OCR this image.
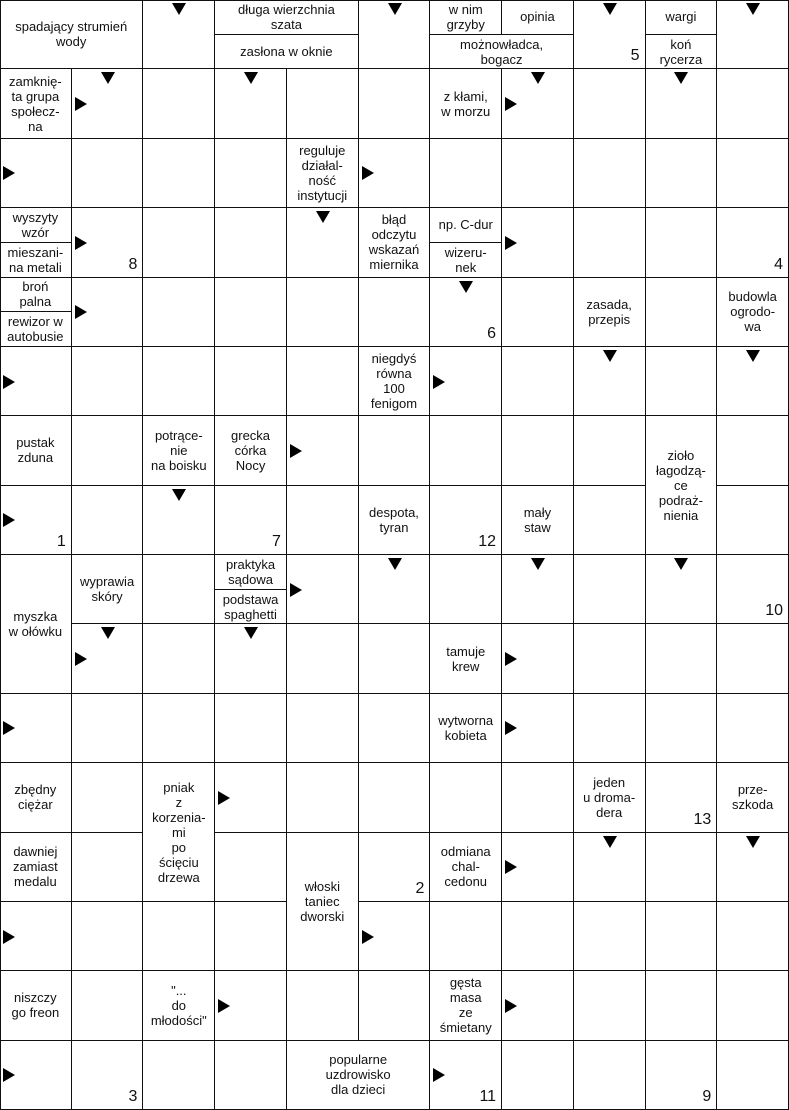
spadający strumień
wody
długa wierzchnia
szata
zasłona w oknie
w nim
grzyby	opinia
możnowładca,
bogacz
wargi
koń
rycerza
zamknię-
ta grupa
społecz-
na
z kłami,
w morzu
reguluje
działal-
ność
instytucji
wyszyty
wzór
mieszani-
na metali
błąd
odczytu
wskazań
miernika
np. C-dur
wizeru-
nek
broń
palna
rewizor w
autobusie
zasada,
przepis
budowla
ogrodo-
wa
niegdyś
równa
100
fenigom
pustak
zduna
potrące-
nie
na boisku
grecka
córka
Nocy
zioło
łagodzą-
ce
podraż-
nienia
despota,
tyran
mały
staw
praktyka
sądowa
podstawa
spaghetti
wyprawia
skóry
myszka
w ołówku
tamuje
krew
wytworna
kobieta
zbędny
ciężar
pniak
z
korzenia-
mi
po
ścięciu
drzewa
jeden
u dromа-
dera
prze-
szkoda
dawniej
zamiast
medalu
odmiana
chal-
cedonu
włoski
taniec
dworski
niszczy
go freon
"...
do
młodości"
gęsta
masa
ze
śmietany
popularne
uzdrowisko
dla dzieci
5
8	4
6
1	7	12
10
13
2
3	11	9
